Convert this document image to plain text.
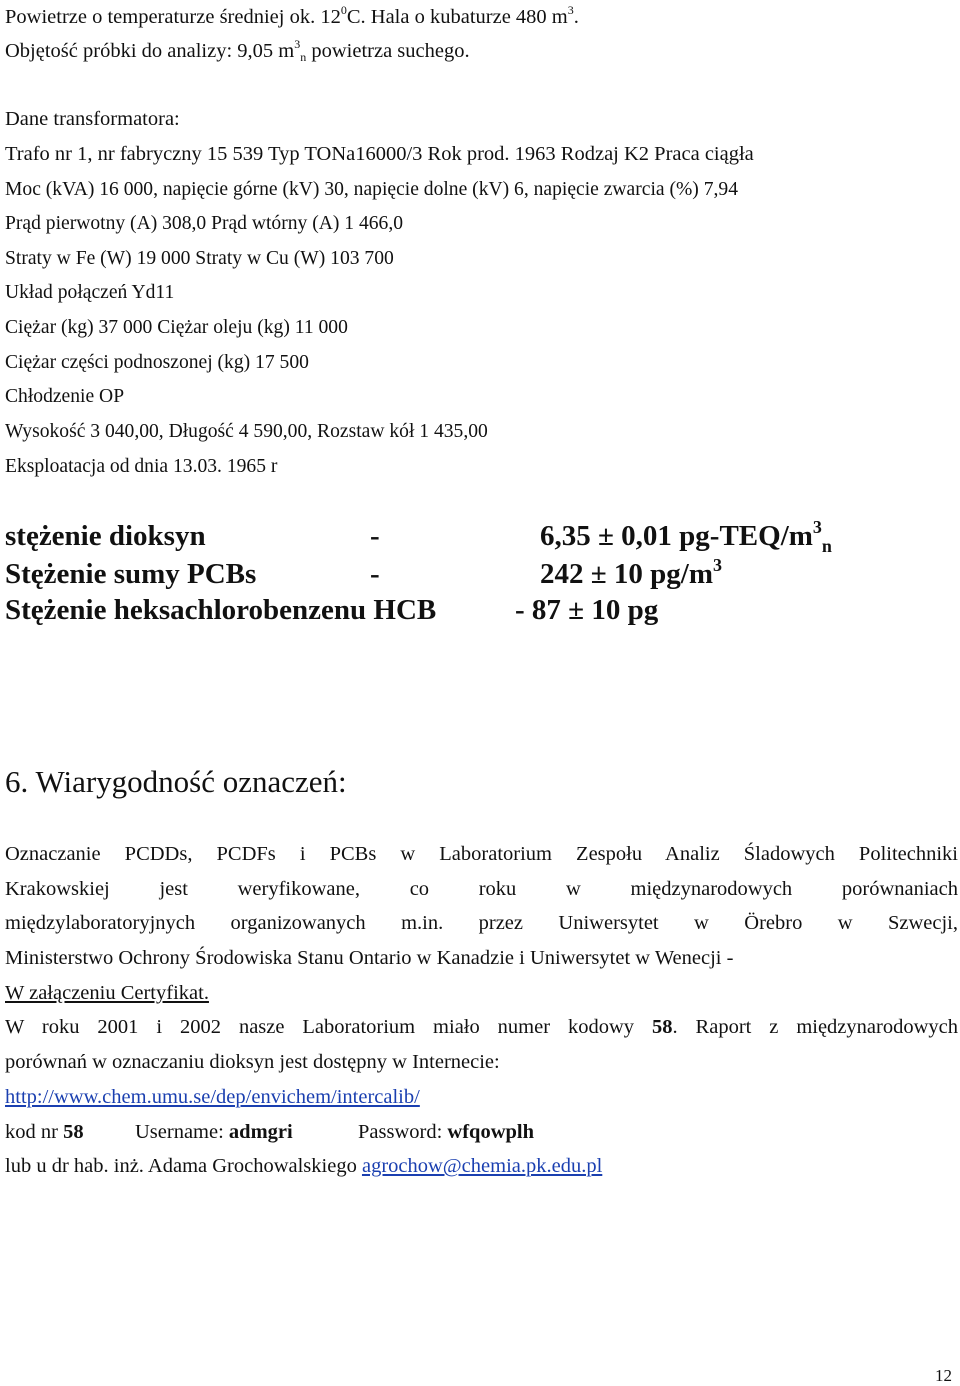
Powietrze o temperaturze średniej ok. $12^0C$. Hala o kubaturze 480 $m^3$.
Objętość próbki do analizy: 9,05 $m^3_n$ powietrza suchego.
Dane transformatora:
Trafo nr 1, nr fabryczny 15 539 Typ TONa16000/3 Rok prod. 1963 Rodzaj K2 Praca ciągła
Moc (kVA) 16 000, napięcie górne (kV) 30, napięcie dolne (kV) 6, napięcie zwarcia (%) 7,94
Prąd pierwotny (A) 308,0 Prąd wtórny (A) 1 466,0
Straty w Fe (W) 19 000 Straty w Cu (W) 103 700
Układ połączeń Yd11
Ciężar (kg) 37 000 Ciężar oleju (kg) 11 000
Ciężar części podnoszonej (kg) 17 500
Chłodzenie OP
Wysokość 3 040,00, Długość 4 590,00, Rozstaw kół 1 435,00
Eksploatacja od dnia 13.03. 1965 r
stężenie dioksyn	-	6,35 ± 0,01 $pg-TEQ/m^3_n$
Stężenie sumy PCBs	-	242 ± 10 $pg/m^3$
Stężenie heksachlorobenzenu HCB	- 87 ± 10 pg
6. Wiarygodność oznaczeń:
Oznaczanie PCDDs, PCDFs i PCBs w Laboratorium Zespołu Analiz Śladowych Politechniki
Krakowskiej jest weryfikowane, co roku w międzynarodowych porównaniach
międzylaboratoryjnych organizowanych m.in. przez Uniwersytet w Örebro w Szwecji,
Ministerstwo Ochrony Środowiska Stanu Ontario w Kanadzie i Uniwersytet w Wenecji -
W załączeniu Certyfikat.
W roku 2001 i 2002 nasze Laboratorium miało numer kodowy 58. Raport z międzynarodowych
porównań w oznaczaniu dioksyn jest dostępny w Internecie:
http://www.chem.umu.se/dep/envichem/intercalib/
kod nr 58	Username: admgri	Password: wfqowplh
lub u dr hab. inż. Adama Grochowalskiego agrochow@chemia.pk.edu.pl
12
